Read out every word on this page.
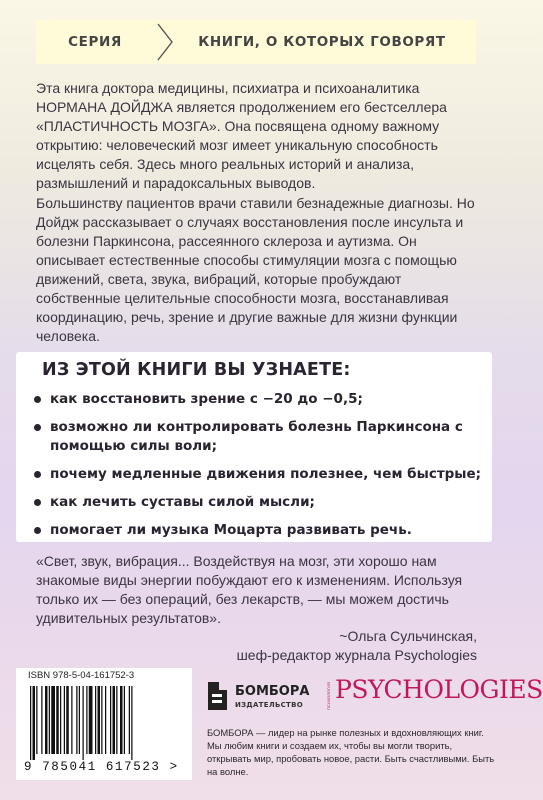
СЕРИЯ	КНИГИ, О КОТОРЫХ ГОВОРЯТ

Эта книга доктора медицины, психиатра и психоаналитика НОРМАНА ДОЙДЖА является продолжением его бестселлера «ПЛАСТИЧНОСТЬ МОЗГА». Она посвящена одному важному открытию: человеческий мозг имеет уникальную способность исцелять себя. Здесь много реальных историй и анализа, размышлений и парадоксальных выводов.

Большинству пациентов врачи ставили безнадежные диагнозы. Но Дойдж рассказывает о случаях восстановления после инсульта и болезни Паркинсона, рассеянного склероза и аутизма. Он описывает естественные способы стимуляции мозга с помощью движений, света, звука, вибраций, которые пробуждают собственные целительные способности мозга, восстанавливая координацию, речь, зрение и другие важные для жизни функции человека.

ИЗ ЭТОЙ КНИГИ ВЫ УЗНАЕТЕ:
как восстановить зрение с −20 до −0,5;
возможно ли контролировать болезнь Паркинсона с помощью силы воли;
почему медленные движения полезнее, чем быстрые;
как лечить суставы силой мысли;
помогает ли музыка Моцарта развивать речь.

«Свет, звук, вибрация... Воздействуя на мозг, эти хорошо нам знакомые виды энергии побуждают его к изменениям. Используя только их — без операций, без лекарств, — мы можем достичь удивительных результатов».

~Ольга Сульчинская,
шеф-редактор журнала Psychologies
ISBN 978-5-04-161752-3
9 785041 617523 >
БОМБОРА
ИЗДАТЕЛЬСТВО	ПСИХОЛОГИЯ PSYCHOLOGIES

БОМБОРА — лидер на рынке полезных и вдохновляющих книг. Мы любим книги и создаем их, чтобы вы могли творить, открывать мир, пробовать новое, расти. Быть счастливыми. Быть на волне.
